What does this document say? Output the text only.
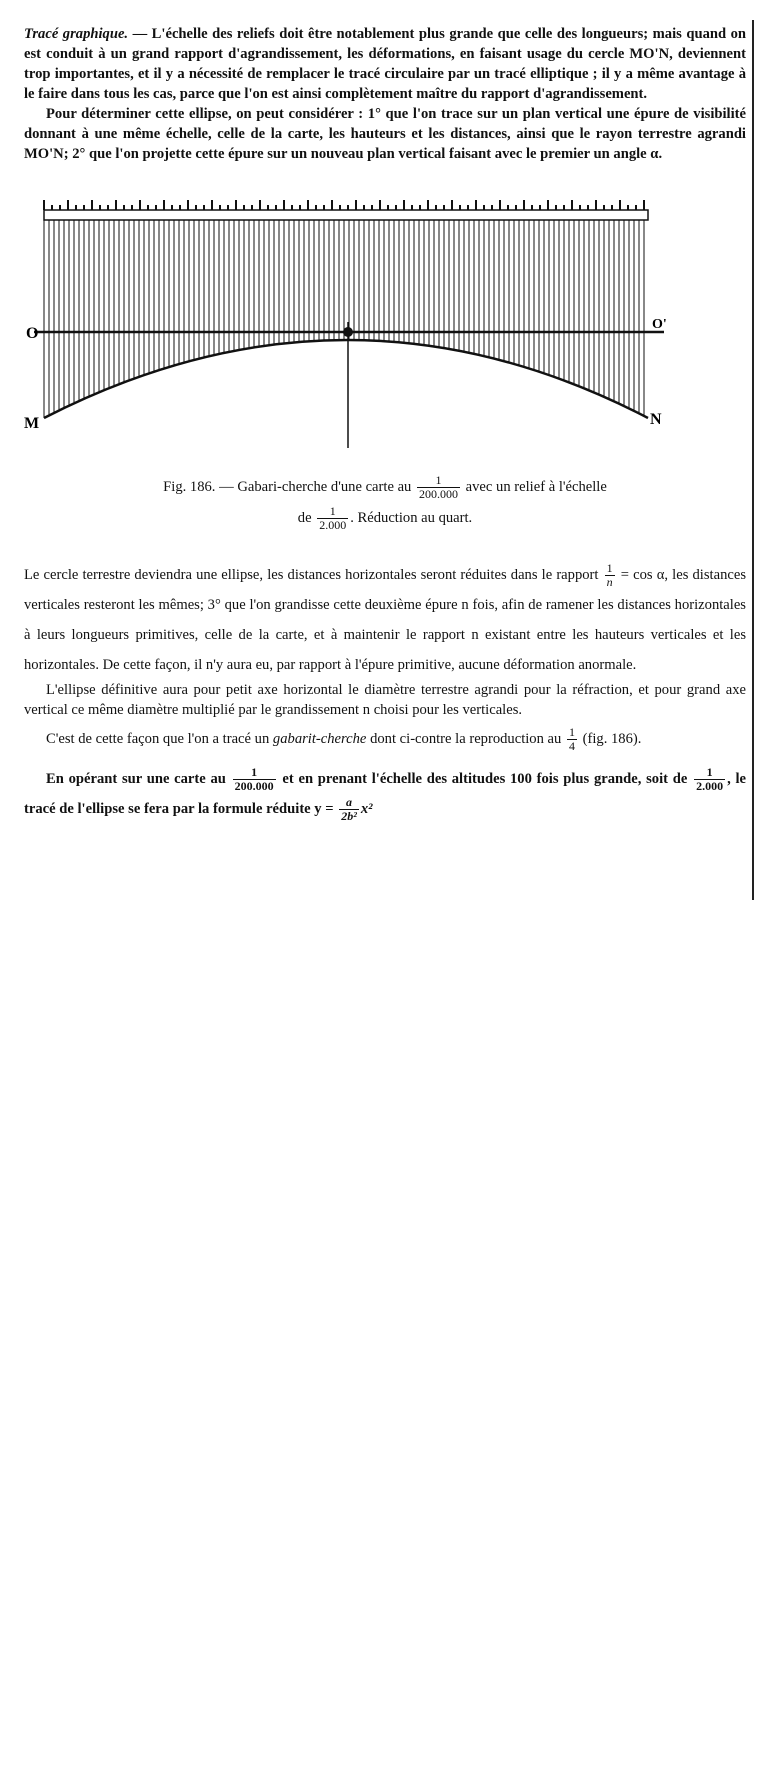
Tracé graphique. — L'échelle des reliefs doit être notablement plus grande que celle des longueurs; mais quand on est conduit à un grand rapport d'agrandissement, les déformations, en faisant usage du cercle MO'N, deviennent trop importantes, et il y a nécessité de remplacer le tracé circulaire par un tracé elliptique ; il y a même avantage à le faire dans tous les cas, parce que l'on est ainsi complètement maître du rapport d'agrandissement.

Pour déterminer cette ellipse, on peut considérer : 1° que l'on trace sur un plan vertical une épure de visibilité donnant à une même échelle, celle de la carte, les hauteurs et les distances, ainsi que le rayon terrestre agrandi MO'N; 2° que l'on projette cette épure sur un nouveau plan vertical faisant avec le premier un angle α.

O
O'
M	N
Fig. 186. — Gabari-cherche d'une carte au $\frac{1}{200.000}$ avec un relief à l'échelle
de $\frac{1}{2.000}$ . Réduction au quart.

Le cercle terrestre deviendra une ellipse, les distances horizontales seront réduites dans le rapport $\frac{1}{n} = \cos \alpha$, les distances verticales resteront les mêmes; 3° que l'on grandisse cette deuxième épure n fois, afin de ramener les distances horizontales à leurs longueurs primitives, celle de la carte, et à maintenir le rapport n existant entre les hauteurs verticales et les horizontales. De cette façon, il n'y aura eu, par rapport à l'épure primitive, aucune déformation anormale.

L'ellipse définitive aura pour petit axe horizontal le diamètre terrestre agrandi pour la réfraction, et pour grand axe vertical ce même diamètre multiplié par le grandissement n choisi pour les verticales.

C'est de cette façon que l'on a tracé un gabarit-cherche dont ci-contre la reproduction au $\frac{1}{4} (fig$. 186).

En opérant sur une carte au $\frac{1}{200.000}$ et en prenant l'échelle des altitudes 100 fois plus grande, soit de $\frac{1}{2.000}$ , le tracé de l'ellipse se fera par la formule réduite $y = \frac{a}{\text{2b²}} x^2$
